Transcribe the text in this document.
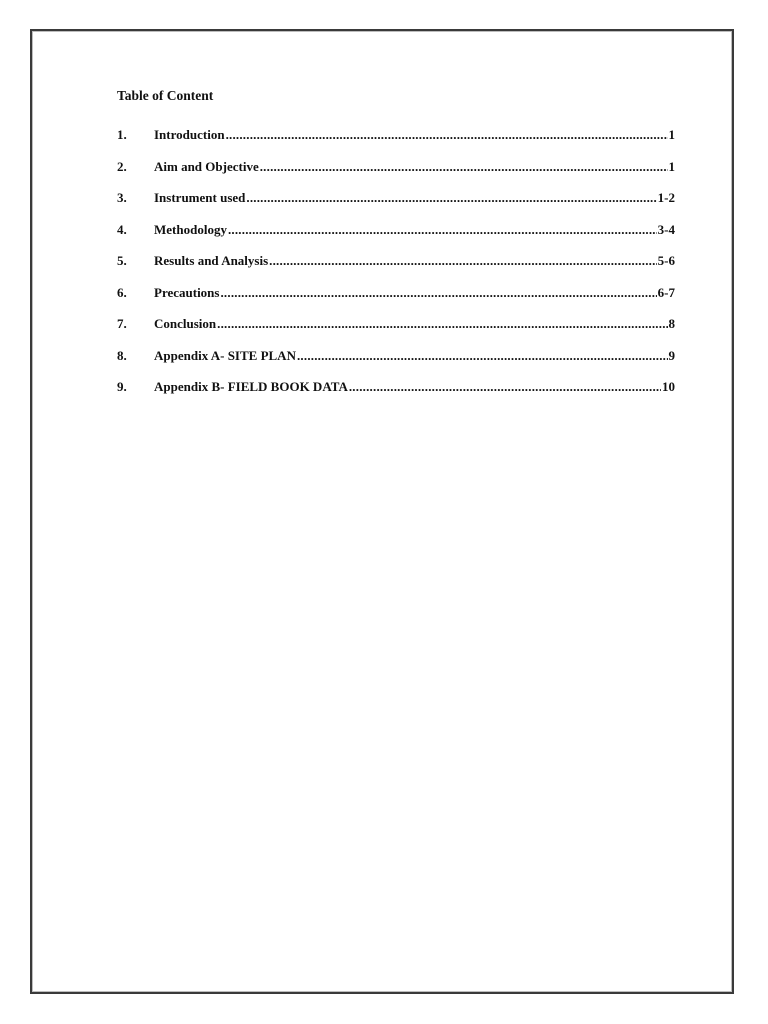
Table of Content
1.	Introduction .....	1
2.	Aim and Objective .....	1
3.	Instrument used .....	1-2
4.	Methodology .....	3-4
5.	Results and Analysis .....	5-6
6.	Precautions .....	6-7
7.	Conclusion .....	8
8.	Appendix A- SITE PLAN .....	9
9.	Appendix B- FIELD BOOK DATA .....	10
